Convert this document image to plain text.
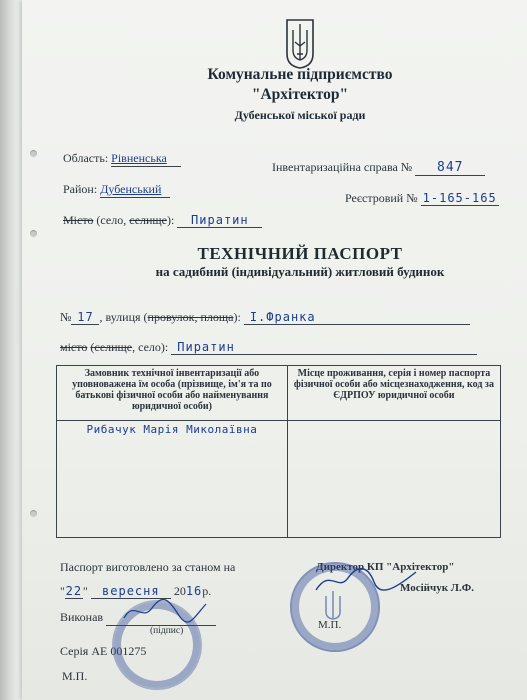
Комунальне підприємство
"Архітектор"
Дубенської міської ради
Область: Рівненська
Район: Дубенський
Місто (село, селище): Пиратин
Інвентаризаційна справа № 847
Реєстровий № 1-165-165
ТЕХНІЧНИЙ ПАСПОРТ
на садибний (індивідуальний) житловий будинок
№ 17 , вулиця (провулок, площа): І.Франка
місто (селище, село): Пиратин
Замовник технічної інвентаризації або уповноважена їм особа (прізвище, ім'я та по батькові фізичної особи або найменування юридичної особи)	Місце проживання, серія і номер паспорта фізичної особи або місцезнаходження, код за ЄДРПОУ юридичної особи
Рибачук Марія Миколаївна	
Паспорт виготовлено за станом на
"22" вересня 2016р.
Виконав
(підпис)
Серія АЕ 001275
М.П.
Директор КП "Архітектор"
Мосійчук Л.Ф.
М.П.
